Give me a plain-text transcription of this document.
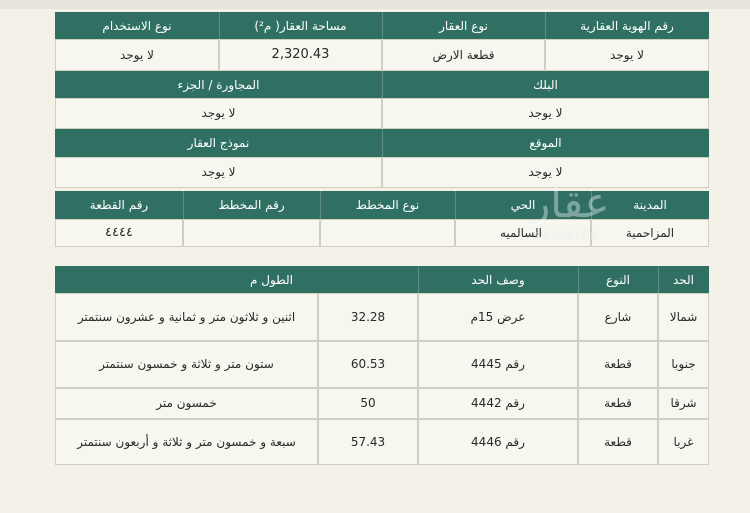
رقم الهوية العقارية
نوع العقار
مساحة العقار( م²)
نوع الاستخدام
لا يوجد
قطعة الارض
2,320.43
لا يوجد
البلك
المجاورة / الجزء
لا يوجد
لا يوجد
الموقع
نموذج العقار
لا يوجد
لا يوجد
المدينة
الحي
نوع المخطط
رقم المخطط
رقم القطعة
المزاحمية
السالميه
٤٤٤٤
الحد
النوع
وصف الحد
الطول م
شمالا
شارع
عرض 15م
32.28
اثنين و ثلاثون متر و ثمانية و عشرون سنتمتر
جنوبا
قطعة
رقم 4445
60.53
ستون متر و ثلاثة و خمسون سنتمتر
شرقا
قطعة
رقم 4442
50
خمسون متر
غربا
قطعة
رقم 4446
57.43
سبعة و خمسون متر و ثلاثة و أربعون سنتمتر
عقار
sa.aqar.fm
